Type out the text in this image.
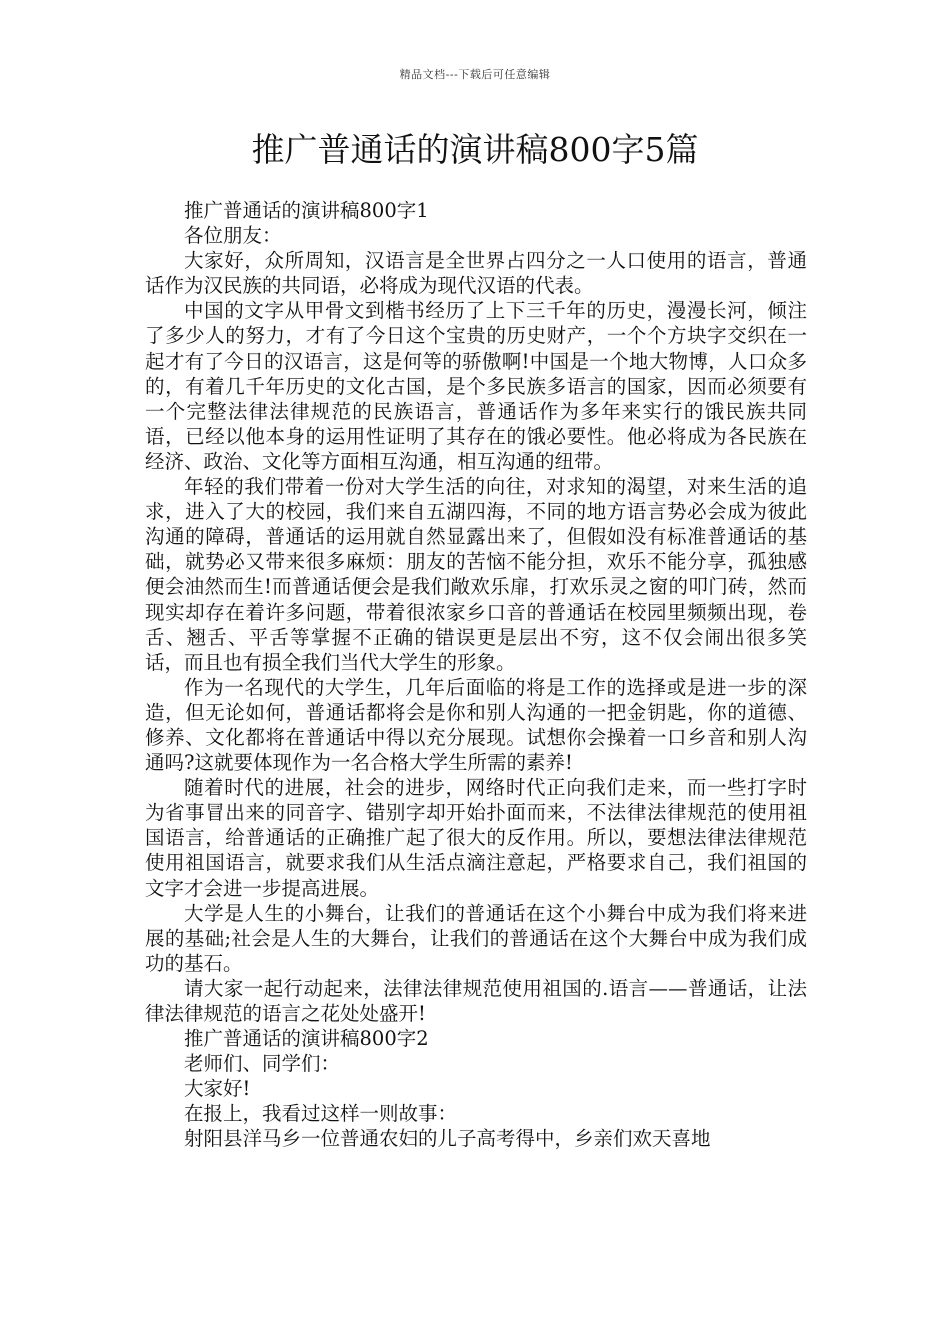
精品文档---下载后可任意编辑
推广普通话的演讲稿800字5篇

推广普通话的演讲稿800字1

各位朋友：

大家好，众所周知，汉语言是全世界占四分之一人口使用的语言，普通话作为汉民族的共同语，必将成为现代汉语的代表。

中国的文字从甲骨文到楷书经历了上下三千年的历史，漫漫长河，倾注了多少人的努力，才有了今日这个宝贵的历史财产，一个个方块字交织在一起才有了今日的汉语言，这是何等的骄傲啊!中国是一个地大物博，人口众多的，有着几千年历史的文化古国，是个多民族多语言的国家，因而必须要有一个完整法律法律规范的民族语言，普通话作为多年来实行的饿民族共同语，已经以他本身的运用性证明了其存在的饿必要性。他必将成为各民族在经济、政治、文化等方面相互沟通，相互沟通的纽带。

年轻的我们带着一份对大学生活的向往，对求知的渴望，对来生活的追求，进入了大的校园，我们来自五湖四海，不同的地方语言势必会成为彼此沟通的障碍，普通话的运用就自然显露出来了，但假如没有标准普通话的基础，就势必又带来很多麻烦：朋友的苦恼不能分担，欢乐不能分享，孤独感便会油然而生!而普通话便会是我们敞欢乐扉，打欢乐灵之窗的叩门砖，然而现实却存在着许多问题，带着很浓家乡口音的普通话在校园里频频出现，卷舌、翘舌、平舌等掌握不正确的错误更是层出不穷，这不仅会闹出很多笑话，而且也有损全我们当代大学生的形象。

作为一名现代的大学生，几年后面临的将是工作的选择或是进一步的深造，但无论如何，普通话都将会是你和别人沟通的一把金钥匙，你的道德、修养、文化都将在普通话中得以充分展现。试想你会操着一口乡音和别人沟通吗?这就要体现作为一名合格大学生所需的素养!

随着时代的进展，社会的进步，网络时代正向我们走来，而一些打字时为省事冒出来的同音字、错别字却开始扑面而来，不法律法律规范的使用祖国语言，给普通话的正确推广起了很大的反作用。所以，要想法律法律规范使用祖国语言，就要求我们从生活点滴注意起，严格要求自己，我们祖国的文字才会进一步提高进展。

大学是人生的小舞台，让我们的普通话在这个小舞台中成为我们将来进展的基础;社会是人生的大舞台，让我们的普通话在这个大舞台中成为我们成功的基石。

请大家一起行动起来，法律法律规范使用祖国的.语言——普通话，让法律法律规范的语言之花处处盛开!

推广普通话的演讲稿800字2

老师们、同学们：

大家好!

在报上，我看过这样一则故事：

射阳县洋马乡一位普通农妇的儿子高考得中，乡亲们欢天喜地
